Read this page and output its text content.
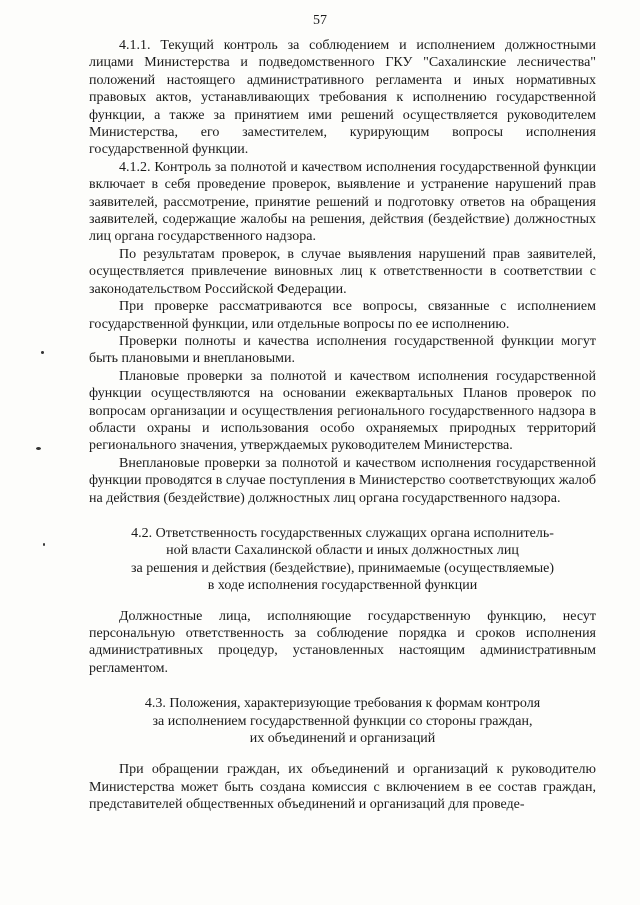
57

4.1.1. Текущий контроль за соблюдением и исполнением должностными лицами Министерства и подведомственного ГКУ "Сахалинские лесничества" положений настоящего административного регламента и иных нормативных правовых актов, устанавливающих требования к исполнению государственной функции, а также за принятием ими решений осуществляется руководителем Министерства, его заместителем, курирующим вопросы исполнения государственной функции.

4.1.2. Контроль за полнотой и качеством исполнения государственной функции включает в себя проведение проверок, выявление и устранение нарушений прав заявителей, рассмотрение, принятие решений и подготовку ответов на обращения заявителей, содержащие жалобы на решения, действия (бездействие) должностных лиц органа государственного надзора.

По результатам проверок, в случае выявления нарушений прав заявителей, осуществляется привлечение виновных лиц к ответственности в соответствии с законодательством Российской Федерации.

При проверке рассматриваются все вопросы, связанные с исполнением государственной функции, или отдельные вопросы по ее исполнению.

Проверки полноты и качества исполнения государственной функции могут быть плановыми и внеплановыми.

Плановые проверки за полнотой и качеством исполнения государственной функции осуществляются на основании ежеквартальных Планов проверок по вопросам организации и осуществления регионального государственного надзора в области охраны и использования особо охраняемых природных территорий регионального значения, утверждаемых руководителем Министерства.

Внеплановые проверки за полнотой и качеством исполнения государственной функции проводятся в случае поступления в Министерство соответствующих жалоб на действия (бездействие) должностных лиц органа государственного надзора.

4.2. Ответственность государственных служащих органа исполнитель-
ной власти Сахалинской области и иных должностных лиц
за решения и действия (бездействие), принимаемые (осуществляемые)
в ходе исполнения государственной функции

Должностные лица, исполняющие государственную функцию, несут персональную ответственность за соблюдение порядка и сроков исполнения административных процедур, установленных настоящим административным регламентом.

4.3. Положения, характеризующие требования к формам контроля
за исполнением государственной функции со стороны граждан,
их объединений и организаций

При обращении граждан, их объединений и организаций к руководителю Министерства может быть создана комиссия с включением в ее состав граждан, представителей общественных объединений и организаций для проведе-
